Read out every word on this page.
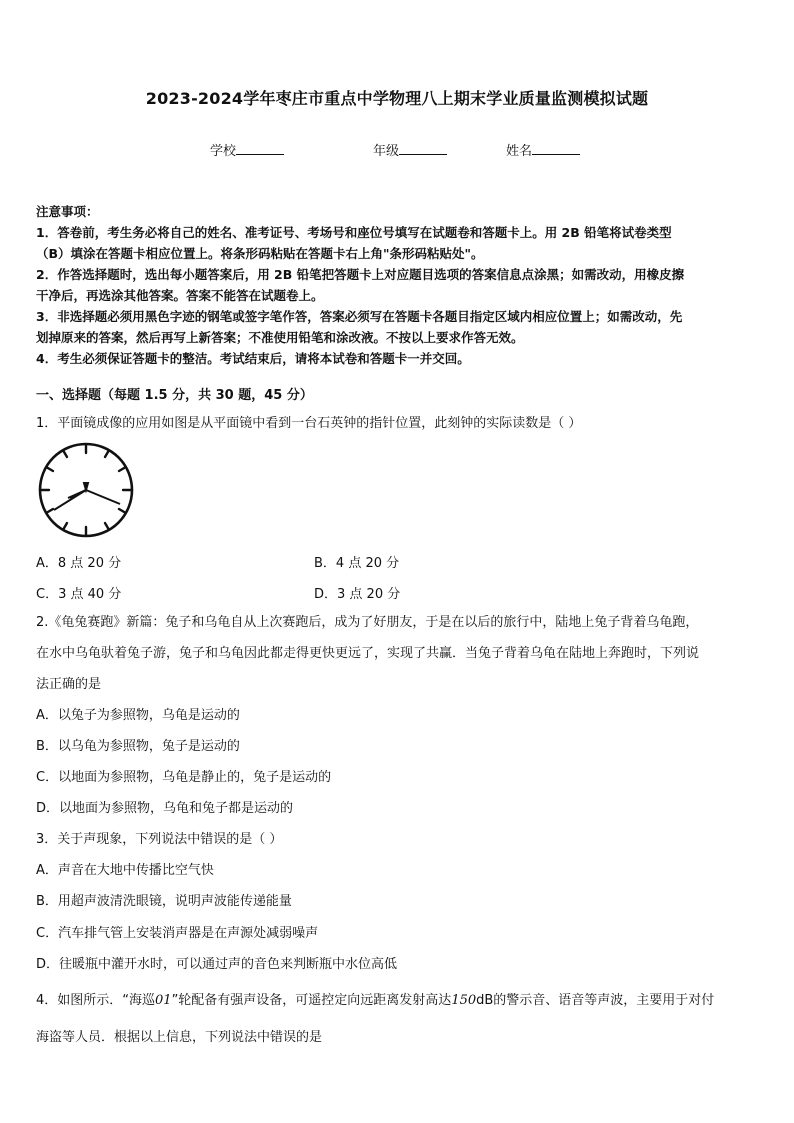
2023-2024学年枣庄市重点中学物理八上期末学业质量监测模拟试题
学校	年级	姓名

注意事项：

1．答卷前，考生务必将自己的姓名、准考证号、考场号和座位号填写在试题卷和答题卡上。用 2B 铅笔将试卷类型

（B）填涂在答题卡相应位置上。将条形码粘贴在答题卡右上角"条形码粘贴处"。

2．作答选择题时，选出每小题答案后，用 2B 铅笔把答题卡上对应题目选项的答案信息点涂黑；如需改动，用橡皮擦

干净后，再选涂其他答案。答案不能答在试题卷上。

3．非选择题必须用黑色字迹的钢笔或签字笔作答，答案必须写在答题卡各题目指定区域内相应位置上；如需改动，先

划掉原来的答案，然后再写上新答案；不准使用铅笔和涂改液。不按以上要求作答无效。

4．考生必须保证答题卡的整洁。考试结束后，请将本试卷和答题卡一并交回。

一、选择题（每题 1.5 分，共 30 题，45 分）
1．平面镜成像的应用如图是从平面镜中看到一台石英钟的指针位置，此刻钟的实际读数是（ ）
A．8 点 20 分	B．4 点 20 分
C．3 点 40 分	D．3 点 20 分
2.《龟兔赛跑》新篇：兔子和乌龟自从上次赛跑后，成为了好朋友，于是在以后的旅行中，陆地上兔子背着乌龟跑，
在水中乌龟驮着兔子游，兔子和乌龟因此都走得更快更远了，实现了共赢．当兔子背着乌龟在陆地上奔跑时，下列说
法正确的是
A．以兔子为参照物，乌龟是运动的
B．以乌龟为参照物，兔子是运动的
C．以地面为参照物，乌龟是静止的，兔子是运动的
D．以地面为参照物，乌龟和兔子都是运动的
3．关于声现象，下列说法中错误的是（ ）
A．声音在大地中传播比空气快
B．用超声波清洗眼镜，说明声波能传递能量
C．汽车排气管上安装消声器是在声源处减弱噪声
D．往暖瓶中灌开水时，可以通过声的音色来判断瓶中水位高低
4．如图所示．“海巡01”轮配备有强声设备，可遥控定向远距离发射高达150dB的警示音、语音等声波，主要用于对付
海盗等人员．根据以上信息，下列说法中错误的是
